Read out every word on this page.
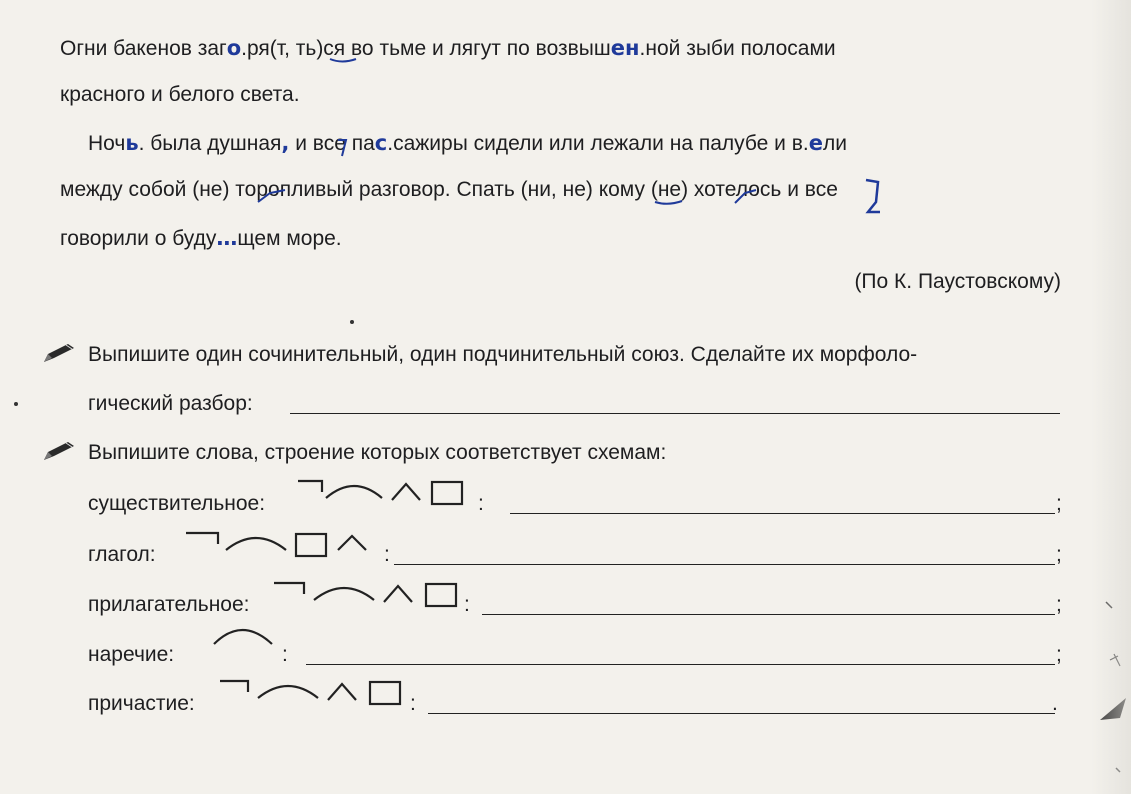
Огни бакенов заго.ря(т, ть)ся во тьме и лягут по возвышен.ной зыби полосами
красного и белого света.
Ночь. была душная, и все пас.сажиры сидели или лежали на палубе и в.ели
между собой (не) торопливый разговор. Спать (ни, не) кому (не) хотелось и все
говорили о буду…щем море.
(По К. Паустовскому)
Выпишите один сочинительный, один подчинительный союз. Сделайте их морфоло-
гический разбор:
Выпишите слова, строение которых соответствует схемам:
существительное:	:	;
глагол:	:	;
прилагательное:	:	;
наречие:	:	;
причастие:	:	.
